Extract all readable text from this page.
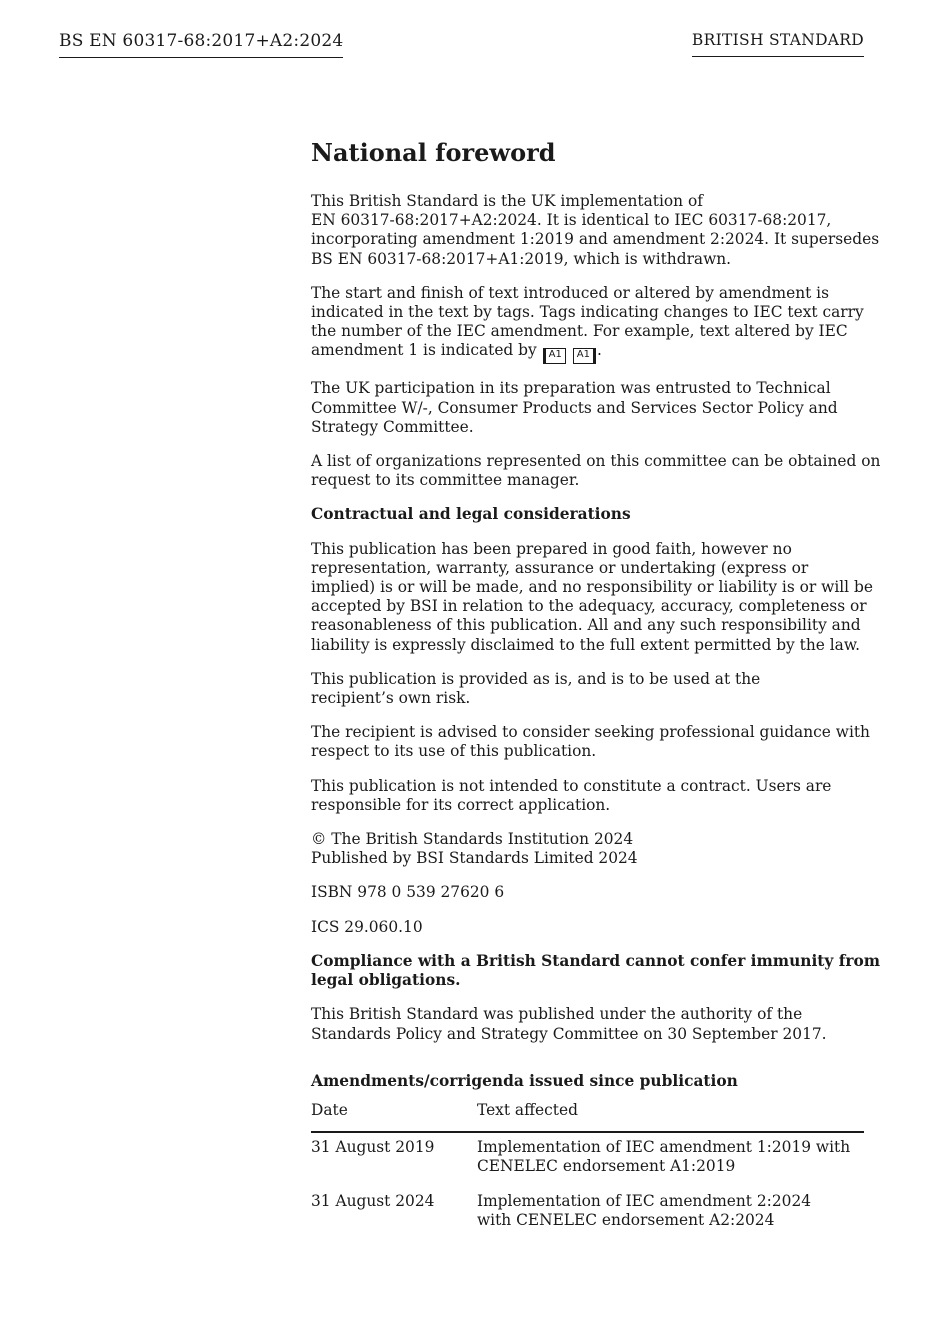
BS EN 60317-68:2017+A2:2024	BRITISH STANDARD
National foreword
This British Standard is the UK implementation of
EN 60317-68:2017+A2:2024. It is identical to IEC 60317-68:2017,
incorporating amendment 1:2019 and amendment 2:2024. It supersedes
BS EN 60317-68:2017+A1:2019, which is withdrawn.
The start and finish of text introduced or altered by amendment is
indicated in the text by tags. Tags indicating changes to IEC text carry
the number of the IEC amendment. For example, text altered by IEC
amendment 1 is indicated by A1 A1 .
The UK participation in its preparation was entrusted to Technical
Committee W/-, Consumer Products and Services Sector Policy and
Strategy Committee.
A list of organizations represented on this committee can be obtained on
request to its committee manager.
Contractual and legal considerations
This publication has been prepared in good faith, however no
representation, warranty, assurance or undertaking (express or
implied) is or will be made, and no responsibility or liability is or will be
accepted by BSI in relation to the adequacy, accuracy, completeness or
reasonableness of this publication. All and any such responsibility and
liability is expressly disclaimed to the full extent permitted by the law.
This publication is provided as is, and is to be used at the
recipient’s own risk.
The recipient is advised to consider seeking professional guidance with
respect to its use of this publication.
This publication is not intended to constitute a contract. Users are
responsible for its correct application.
© The British Standards Institution 2024
Published by BSI Standards Limited 2024
ISBN 978 0 539 27620 6
ICS 29.060.10
Compliance with a British Standard cannot confer immunity from
legal obligations.
This British Standard was published under the authority of the
Standards Policy and Strategy Committee on 30 September 2017.
Amendments/corrigenda issued since publication
Date	Text affected
31 August 2019	Implementation of IEC amendment 1:2019 with
CENELEC endorsement A1:2019

31 August 2024	Implementation of IEC amendment 2:2024
with CENELEC endorsement A2:2024
